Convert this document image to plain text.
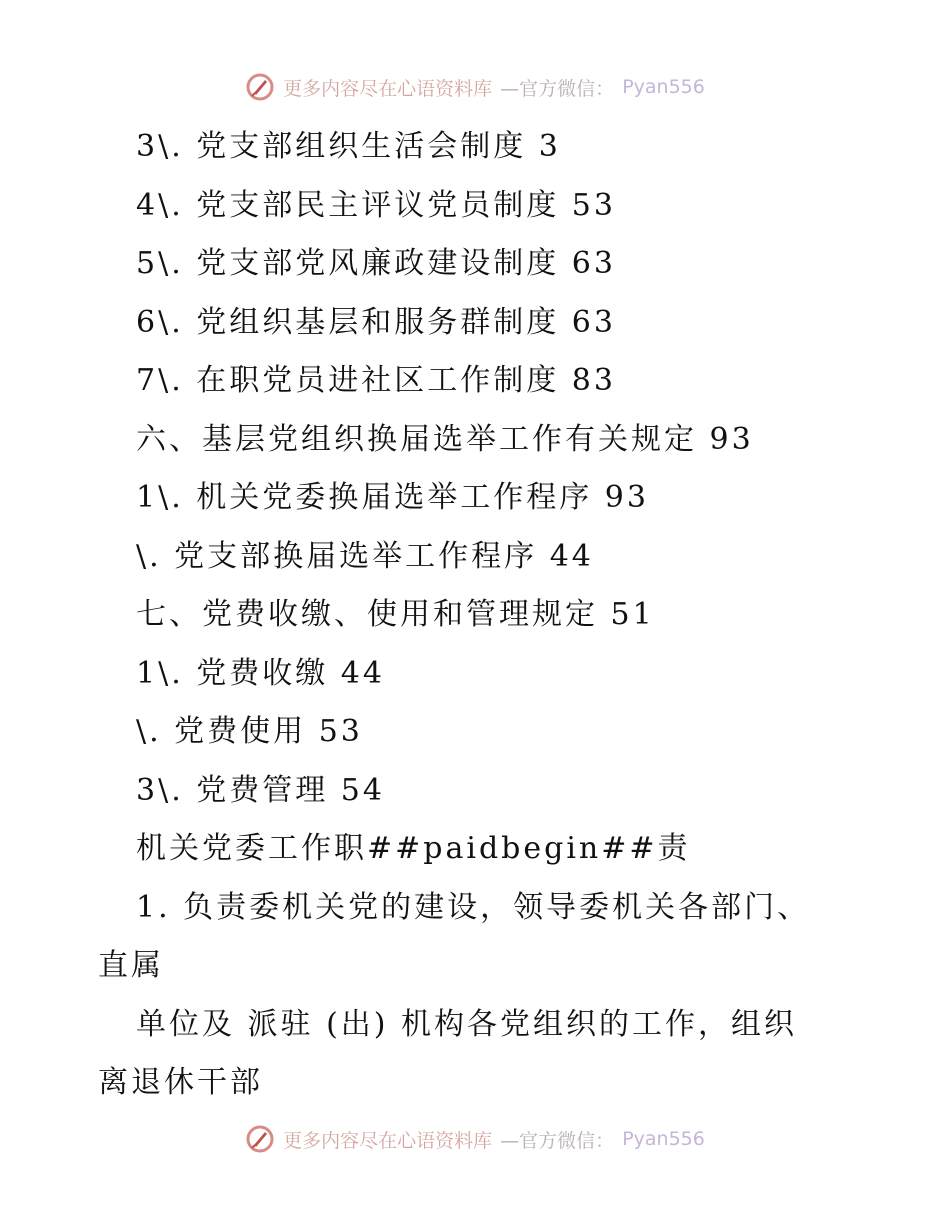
更多内容尽在心语资料库 —官方微信： Pyan556
3\. 党支部组织生活会制度 3
4\. 党支部民主评议党员制度 53
5\. 党支部党风廉政建设制度 63
6\. 党组织基层和服务群制度 63
7\. 在职党员进社区工作制度 83
六、基层党组织换届选举工作有关规定 93
1\. 机关党委换届选举工作程序 93
\. 党支部换届选举工作程序 44
七、党费收缴、使用和管理规定 51
1\. 党费收缴 44
\. 党费使用 53
3\. 党费管理 54
机关党委工作职##paidbegin##责
1. 负责委机关党的建设，领导委机关各部门、
直属
单位及 派驻 (出) 机构各党组织的工作，组织
离退休干部
更多内容尽在心语资料库 —官方微信： Pyan556
